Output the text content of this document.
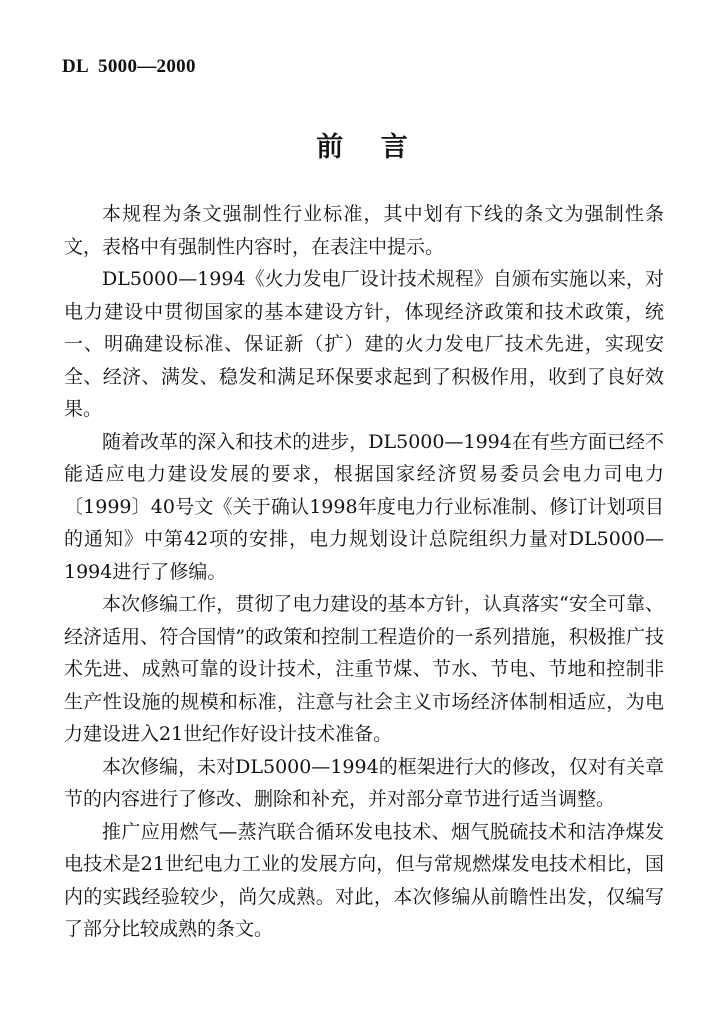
DL  5000—2000
前    言

本规程为条文强制性行业标准，其中划有下线的条文为强制性条文，表格中有强制性内容时，在表注中提示。

DL5000—1994《火力发电厂设计技术规程》自颁布实施以来，对电力建设中贯彻国家的基本建设方针，体现经济政策和技术政策，统一、明确建设标准、保证新（扩）建的火力发电厂技术先进，实现安全、经济、满发、稳发和满足环保要求起到了积极作用，收到了良好效果。

随着改革的深入和技术的进步，DL5000—1994在有些方面已经不能适应电力建设发展的要求，根据国家经济贸易委员会电力司电力〔1999〕40号文《关于确认1998年度电力行业标准制、修订计划项目的通知》中第42项的安排，电力规划设计总院组织力量对DL5000—1994进行了修编。

本次修编工作，贯彻了电力建设的基本方针，认真落实“安全可靠、经济适用、符合国情”的政策和控制工程造价的一系列措施，积极推广技术先进、成熟可靠的设计技术，注重节煤、节水、节电、节地和控制非生产性设施的规模和标准，注意与社会主义市场经济体制相适应，为电力建设进入21世纪作好设计技术准备。

本次修编，未对DL5000—1994的框架进行大的修改，仅对有关章节的内容进行了修改、删除和补充，并对部分章节进行适当调整。

推广应用燃气—蒸汽联合循环发电技术、烟气脱硫技术和洁净煤发电技术是21世纪电力工业的发展方向，但与常规燃煤发电技术相比，国内的实践经验较少，尚欠成熟。对此，本次修编从前瞻性出发，仅编写了部分比较成熟的条文。
